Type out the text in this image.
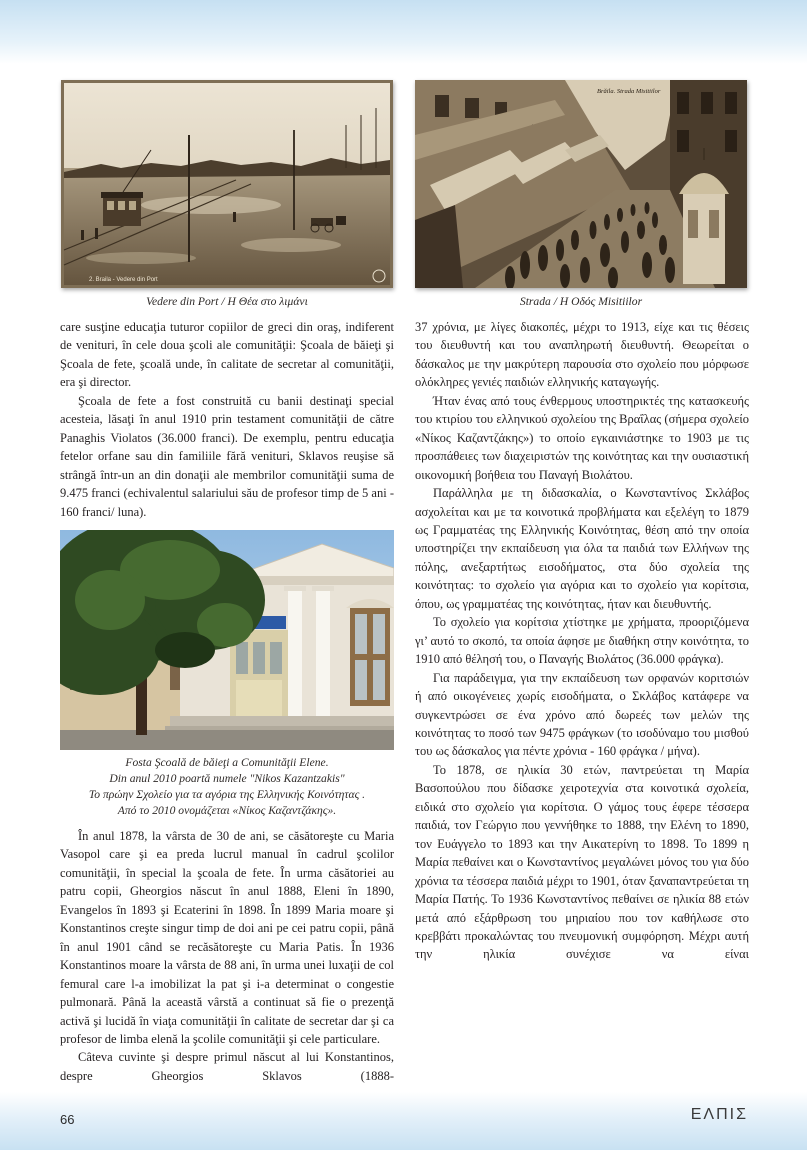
2. Braila - Vedere din Port
Vedere din Port / Η Θέα στο λιμάνι
Brăila. Strada Misitiilor
Strada / Η Οδός Misitiilor

care susţine educaţia tuturor copiilor de greci din oraş, indiferent de venituri, în cele doua şcoli ale comunităţii: Şcoala de băieţi şi Şcoala de fete, şcoală unde, în calitate de secretar al comunităţii, era şi director.

Şcoala de fete a fost construită cu banii destinaţi special acesteia, lăsaţi în anul 1910 prin testament comunităţii de către Panaghis Violatos (36.000 franci). De exemplu, pentru educaţia fetelor orfane sau din familiile fără venituri, Sklavos reuşise să strângă într-un an din donaţii ale membrilor comunităţii suma de 9.475 franci (echivalentul salariului său de profesor timp de 5 ani - 160 franci/ luna).

Fosta Şcoală de băieţi a Comunităţii Elene.
Din anul 2010 poartă numele "Nikos Kazantzakis"
Το πρώην Σχολείο για τα αγόρια της Ελληνικής Κοινότητας .
Από το 2010 ονομάζεται «Νίκος Καζαντζάκης».

În anul 1878, la vârsta de 30 de ani, se căsătoreşte cu Maria Vasopol care şi ea preda lucrul manual în cadrul şcolilor comunităţii, în special la şcoala de fete. În urma căsătoriei au patru copii, Gheorgios născut în anul 1888, Eleni în 1890, Evangelos în 1893 şi Ecaterini în 1898. În 1899 Maria moare şi Konstantinos creşte singur timp de doi ani pe cei patru copii, până în anul 1901 când se recăsătoreşte cu Maria Patis. În 1936 Konstantinos moare la vârsta de 88 ani, în urma unei luxaţii de col femural care l-a imobilizat la pat şi i-a determinat o congestie pulmonară. Până la această vârstă a continuat să fie o prezenţă activă şi lucidă în viaţa comunităţii în calitate de secretar dar şi ca profesor de limba elenă la şcolile comunităţii şi cele particulare.

Câteva cuvinte şi despre primul născut al lui Konstantinos, despre Gheorgios Sklavos (1888-

37 χρόνια, με λίγες διακοπές, μέχρι το 1913, είχε και τις θέσεις του διευθυντή και του αναπληρωτή διευθυντή. Θεωρείται ο δάσκαλος με την μακρύτερη παρουσία στο σχολείο που μόρφωσε ολόκληρες γενιές παιδιών ελληνικής καταγωγής.

Ήταν ένας από τους ένθερμους υποστηρικτές της κατασκευής του κτιρίου του ελληνικού σχολείου της Βραΐλας (σήμερα σχολείο «Νίκος Καζαντζάκης») το οποίο εγκαινιάστηκε το 1903 με τις προσπάθειες των διαχειριστών της κοινότητας και την ουσιαστική οικονομική βοήθεια του Παναγή Βιολάτου.

Παράλληλα με τη διδασκαλία, ο Κωνσταντίνος Σκλάβος ασχολείται και με τα κοινοτικά προβλήματα και εξελέγη το 1879 ως Γραμματέας της Ελληνικής Κοινότητας, θέση από την οποία υποστηρίζει την εκπαίδευση για όλα τα παιδιά των Ελλήνων της πόλης, ανεξαρτήτως εισοδήματος, στα δύο σχολεία της κοινότητας: το σχολείο για αγόρια και το σχολείο για κορίτσια, όπου, ως γραμματέας της κοινότητας, ήταν και διευθυντής.

Το σχολείο για κορίτσια χτίστηκε με χρήματα, προοριζόμενα γι’ αυτό το σκοπό, τα οποία άφησε με διαθήκη στην κοινότητα, το 1910 από θέλησή του, ο Παναγής Βιολάτος (36.000 φράγκα).

Για παράδειγμα, για την εκπαίδευση των ορφανών κοριτσιών ή από οικογένειες χωρίς εισοδήματα, ο Σκλάβος κατάφερε να συγκεντρώσει σε ένα χρόνο από δωρεές των μελών της κοινότητας το ποσό των 9475 φράγκων (το ισοδύναμο του μισθού του ως δάσκαλος για πέντε χρόνια - 160 φράγκα / μήνα).

Το 1878, σε ηλικία 30 ετών, παντρεύεται τη Μαρία Βασοπούλου που δίδασκε χειροτεχνία στα κοινοτικά σχολεία, ειδικά στο σχολείο για κορίτσια. Ο γάμος τους έφερε τέσσερα παιδιά, τον Γεώργιο που γεννήθηκε το 1888, την Ελένη το 1890, τον Ευάγγελο το 1893 και την Αικατερίνη το 1898. Το 1899 η Μαρία πεθαίνει και ο Κωνσταντίνος μεγαλώνει μόνος του για δύο χρόνια τα τέσσερα παιδιά μέχρι το 1901, όταν ξαναπαντρεύεται τη Μαρία Πατής. Το 1936 Κωνσταντίνος πεθαίνει σε ηλικία 88 ετών μετά από εξάρθρωση του μηριαίου που τον καθήλωσε στο κρεββάτι προκαλώντας του πνευμονική συμφόρηση. Μέχρι αυτή την ηλικία συνέχισε να είναι

66	ΕΛΠΙΣ
